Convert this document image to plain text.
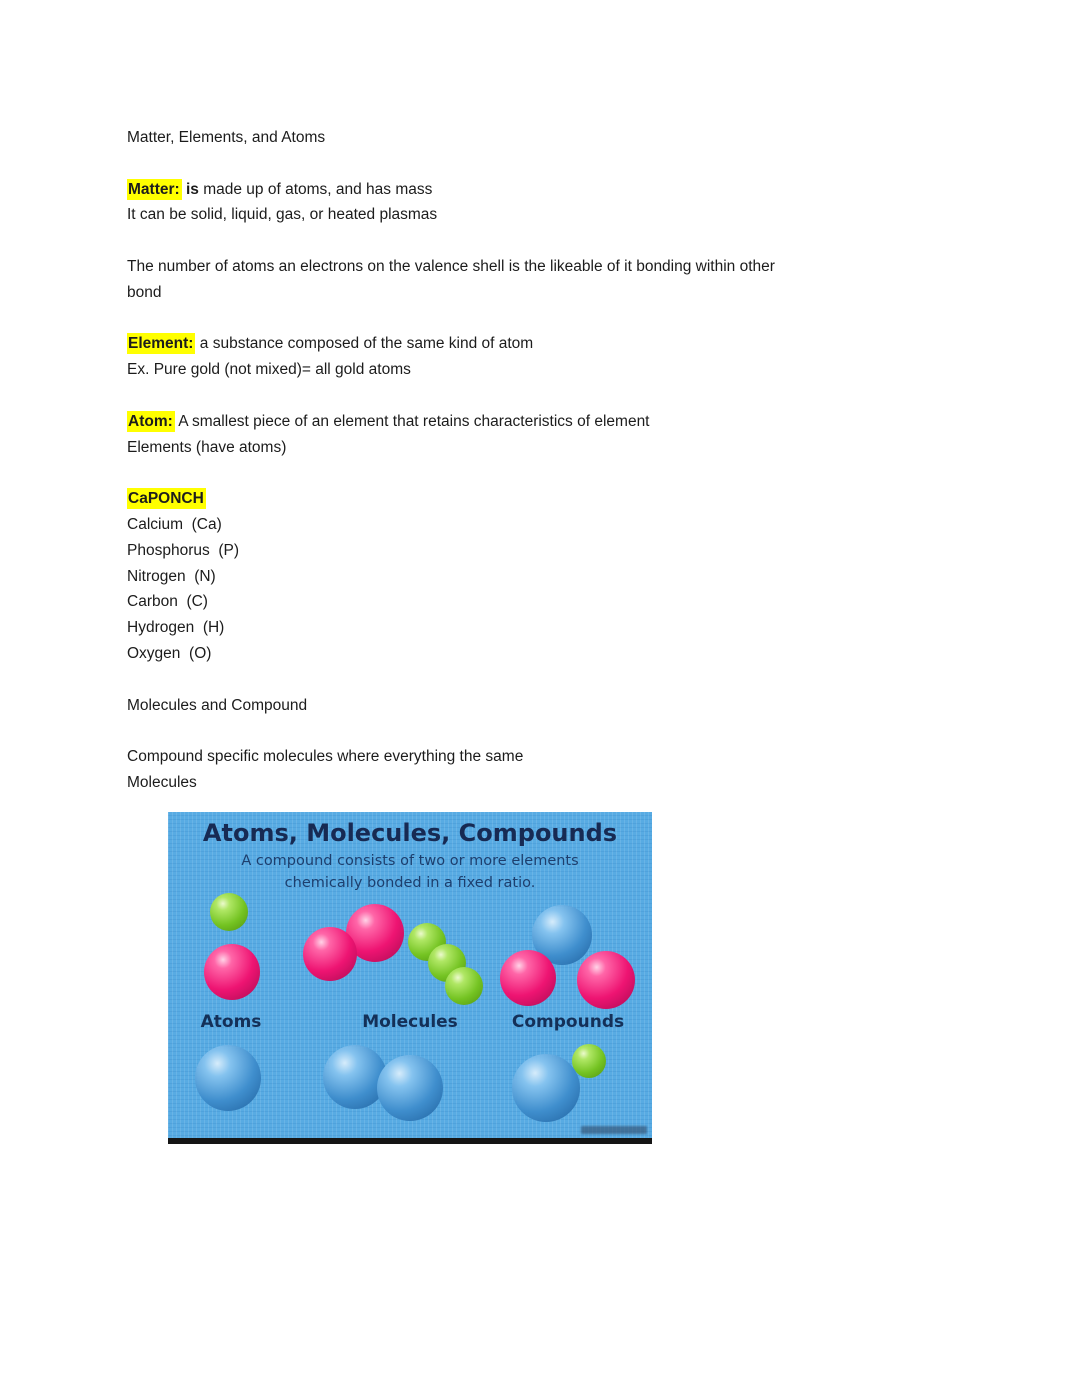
Matter, Elements, and Atoms

Matter: is made up of atoms, and has mass
It can be solid, liquid, gas, or heated plasmas

The number of atoms an electrons on the valence shell is the likeable of it bonding within other
bond

Element: a substance composed of the same kind of atom
Ex. Pure gold (not mixed)= all gold atoms

Atom: A smallest piece of an element that retains characteristics of element
Elements (have atoms)

CaPONCH
Calcium  (Ca)
Phosphorus  (P)
Nitrogen  (N)
Carbon  (C)
Hydrogen  (H)
Oxygen  (O)

Molecules and Compound

Compound specific molecules where everything the same
Molecules

Atoms, Molecules, Compounds
A compound consists of two or more elements
chemically bonded in a fixed ratio.
Atoms	Molecules	Compounds
